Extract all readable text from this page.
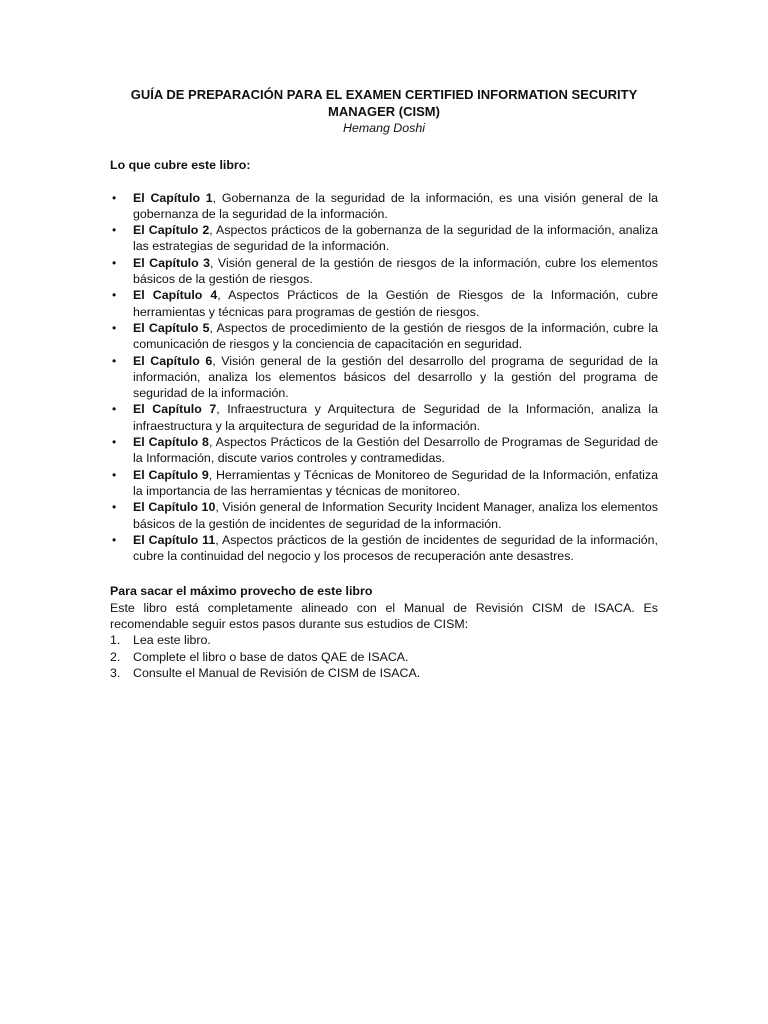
GUÍA DE PREPARACIÓN PARA EL EXAMEN CERTIFIED INFORMATION SECURITY MANAGER (CISM)

Hemang Doshi

Lo que cubre este libro:

• El Capítulo 1, Gobernanza de la seguridad de la información, es una visión general de la gobernanza de la seguridad de la información.
• El Capítulo 2, Aspectos prácticos de la gobernanza de la seguridad de la información, analiza las estrategias de seguridad de la información.
• El Capítulo 3, Visión general de la gestión de riesgos de la información, cubre los elementos básicos de la gestión de riesgos.
• El Capítulo 4, Aspectos Prácticos de la Gestión de Riesgos de la Información, cubre herramientas y técnicas para programas de gestión de riesgos.
• El Capítulo 5, Aspectos de procedimiento de la gestión de riesgos de la información, cubre la comunicación de riesgos y la conciencia de capacitación en seguridad.
• El Capítulo 6, Visión general de la gestión del desarrollo del programa de seguridad de la información, analiza los elementos básicos del desarrollo y la gestión del programa de seguridad de la información.
• El Capítulo 7, Infraestructura y Arquitectura de Seguridad de la Información, analiza la infraestructura y la arquitectura de seguridad de la información.
• El Capítulo 8, Aspectos Prácticos de la Gestión del Desarrollo de Programas de Seguridad de la Información, discute varios controles y contramedidas.
• El Capítulo 9, Herramientas y Técnicas de Monitoreo de Seguridad de la Información, enfatiza la importancia de las herramientas y técnicas de monitoreo.
• El Capítulo 10, Visión general de Information Security Incident Manager, analiza los elementos básicos de la gestión de incidentes de seguridad de la información.
• El Capítulo 11, Aspectos prácticos de la gestión de incidentes de seguridad de la información, cubre la continuidad del negocio y los procesos de recuperación ante desastres.

Para sacar el máximo provecho de este libro

Este libro está completamente alineado con el Manual de Revisión CISM de ISACA. Es recomendable seguir estos pasos durante sus estudios de CISM:

1. Lea este libro.
2. Complete el libro o base de datos QAE de ISACA.
3. Consulte el Manual de Revisión de CISM de ISACA.
